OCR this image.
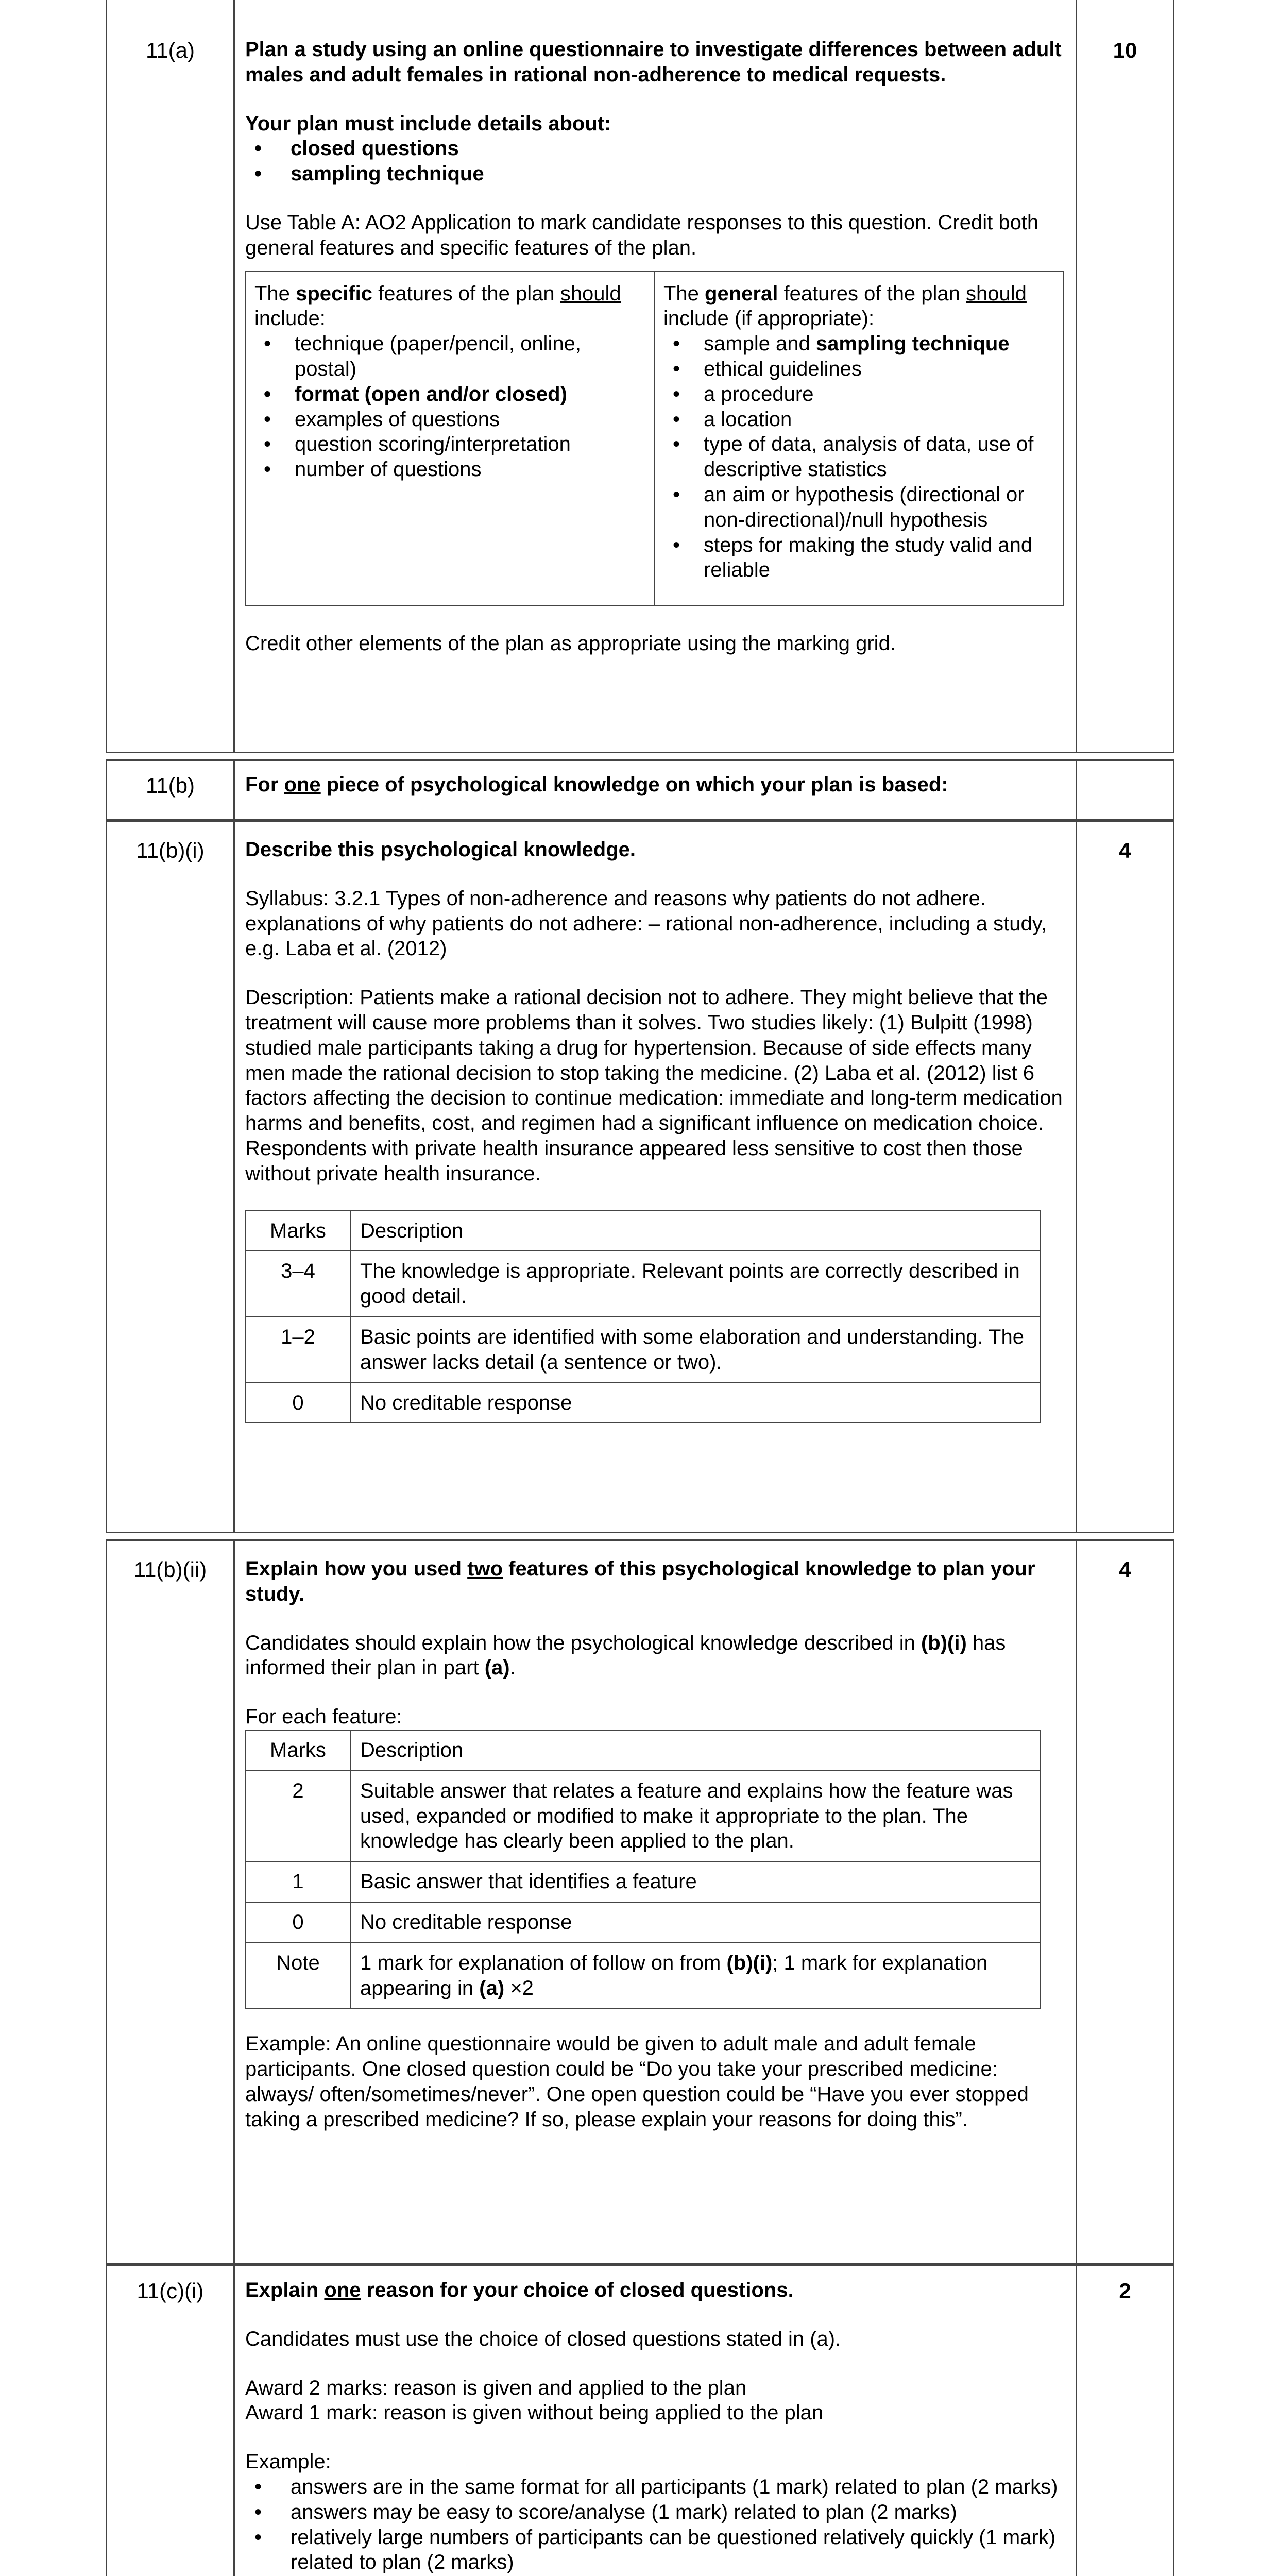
11(a)	10

Plan a study using an online questionnaire to investigate differences between adult males and adult females in rational non-adherence to medical requests.

Your plan must include details about:
• closed questions
• sampling technique

Use Table A: AO2 Application to mark candidate responses to this question. Credit both general features and specific features of the plan.

The specific features of the plan should include:
• technique (paper/pencil, online, postal)
• format (open and/or closed)
• examples of questions
• question scoring/interpretation
• number of questions

The general features of the plan should include (if appropriate):
• sample and sampling technique
• ethical guidelines
• a procedure
• a location
• type of data, analysis of data, use of descriptive statistics
• an aim or hypothesis (directional or non-directional)/null hypothesis
• steps for making the study valid and reliable

Credit other elements of the plan as appropriate using the marking grid.

11(b)	For one piece of psychological knowledge on which your plan is based:
11(b)(i)	4

Describe this psychological knowledge.

Syllabus: 3.2.1 Types of non-adherence and reasons why patients do not adhere. explanations of why patients do not adhere: – rational non-adherence, including a study, e.g. Laba et al. (2012)

Description: Patients make a rational decision not to adhere. They might believe that the treatment will cause more problems than it solves. Two studies likely: (1) Bulpitt (1998) studied male participants taking a drug for hypertension. Because of side effects many men made the rational decision to stop taking the medicine. (2) Laba et al. (2012) list 6 factors affecting the decision to continue medication: immediate and long-term medication harms and benefits, cost, and regimen had a significant influence on medication choice. Respondents with private health insurance appeared less sensitive to cost then those without private health insurance.

Marks	Description
3–4	The knowledge is appropriate. Relevant points are correctly described in good detail.
1–2	Basic points are identified with some elaboration and understanding. The answer lacks detail (a sentence or two).
0	No creditable response
11(b)(ii)	4

Explain how you used two features of this psychological knowledge to plan your study.

Candidates should explain how the psychological knowledge described in (b)(i) has informed their plan in part (a).

For each feature:
Marks	Description
2	Suitable answer that relates a feature and explains how the feature was used, expanded or modified to make it appropriate to the plan. The knowledge has clearly been applied to the plan.
1	Basic answer that identifies a feature
0	No creditable response
Note	1 mark for explanation of follow on from (b)(i); 1 mark for explanation appearing in (a) ×2

Example: An online questionnaire would be given to adult male and adult female participants. One closed question could be “Do you take your prescribed medicine: always/ often/sometimes/never”. One open question could be “Have you ever stopped taking a prescribed medicine? If so, please explain your reasons for doing this”.

11(c)(i)	2

Explain one reason for your choice of closed questions.

Candidates must use the choice of closed questions stated in (a).

Award 2 marks: reason is given and applied to the plan
Award 1 mark: reason is given without being applied to the plan
Example:
• answers are in the same format for all participants (1 mark) related to plan (2 marks)
• answers may be easy to score/analyse (1 mark) related to plan (2 marks)
• relatively large numbers of participants can be questioned relatively quickly (1 mark) related to plan (2 marks)
